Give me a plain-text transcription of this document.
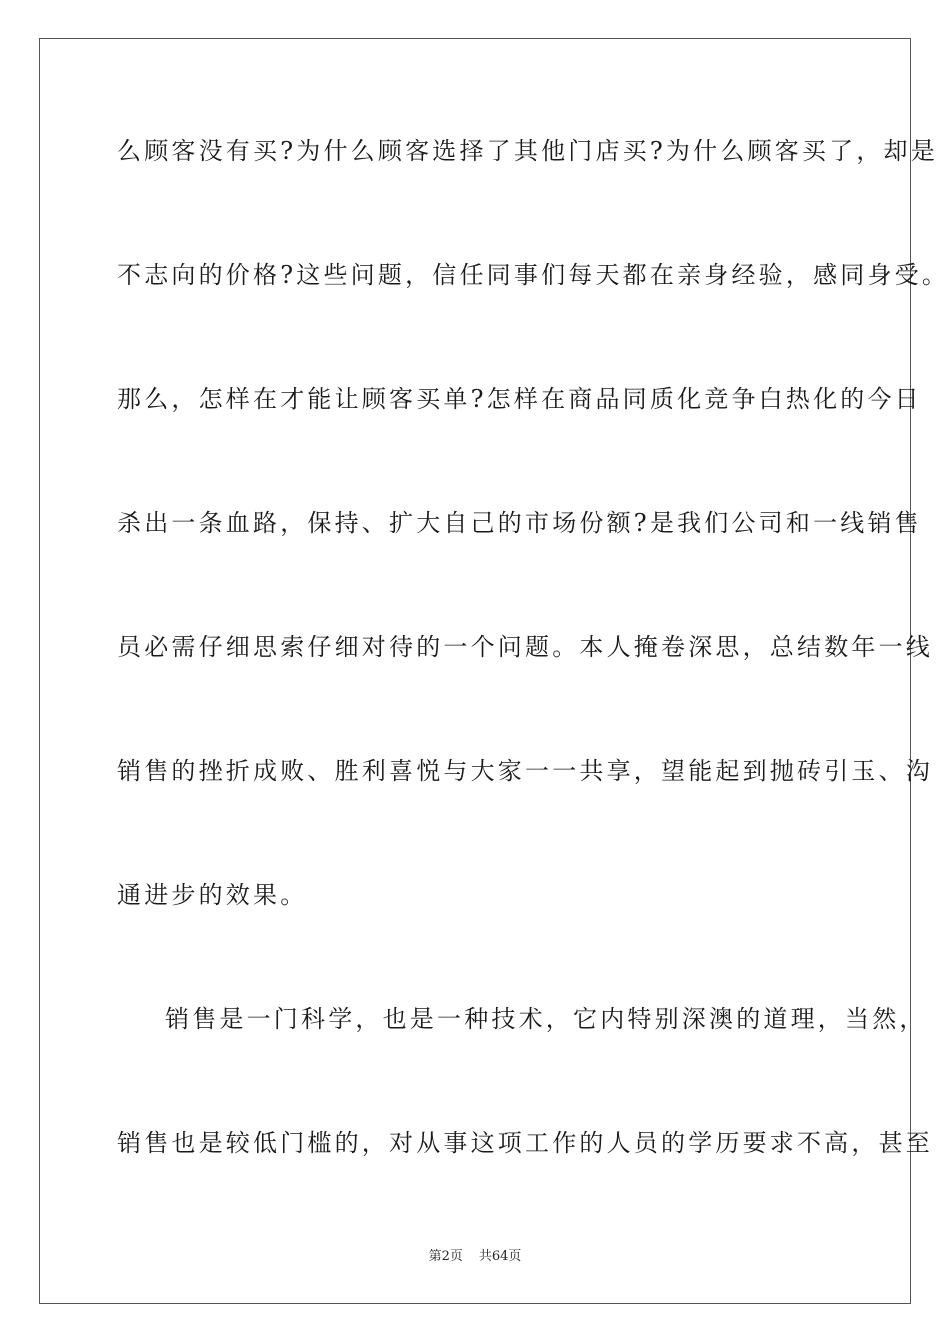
么顾客没有买?为什么顾客选择了其他门店买?为什么顾客买了，却是

不志向的价格?这些问题，信任同事们每天都在亲身经验，感同身受。

那么，怎样在才能让顾客买单?怎样在商品同质化竞争白热化的今日

杀出一条血路，保持、扩大自己的市场份额?是我们公司和一线销售

员必需仔细思索仔细对待的一个问题。本人掩卷深思，总结数年一线

销售的挫折成败、胜利喜悦与大家一一共享，望能起到抛砖引玉、沟

通进步的效果。

销售是一门科学，也是一种技术，它内特别深澳的道理，当然，

销售也是较低门槛的，对从事这项工作的人员的学历要求不高，甚至

第2页 共64页
